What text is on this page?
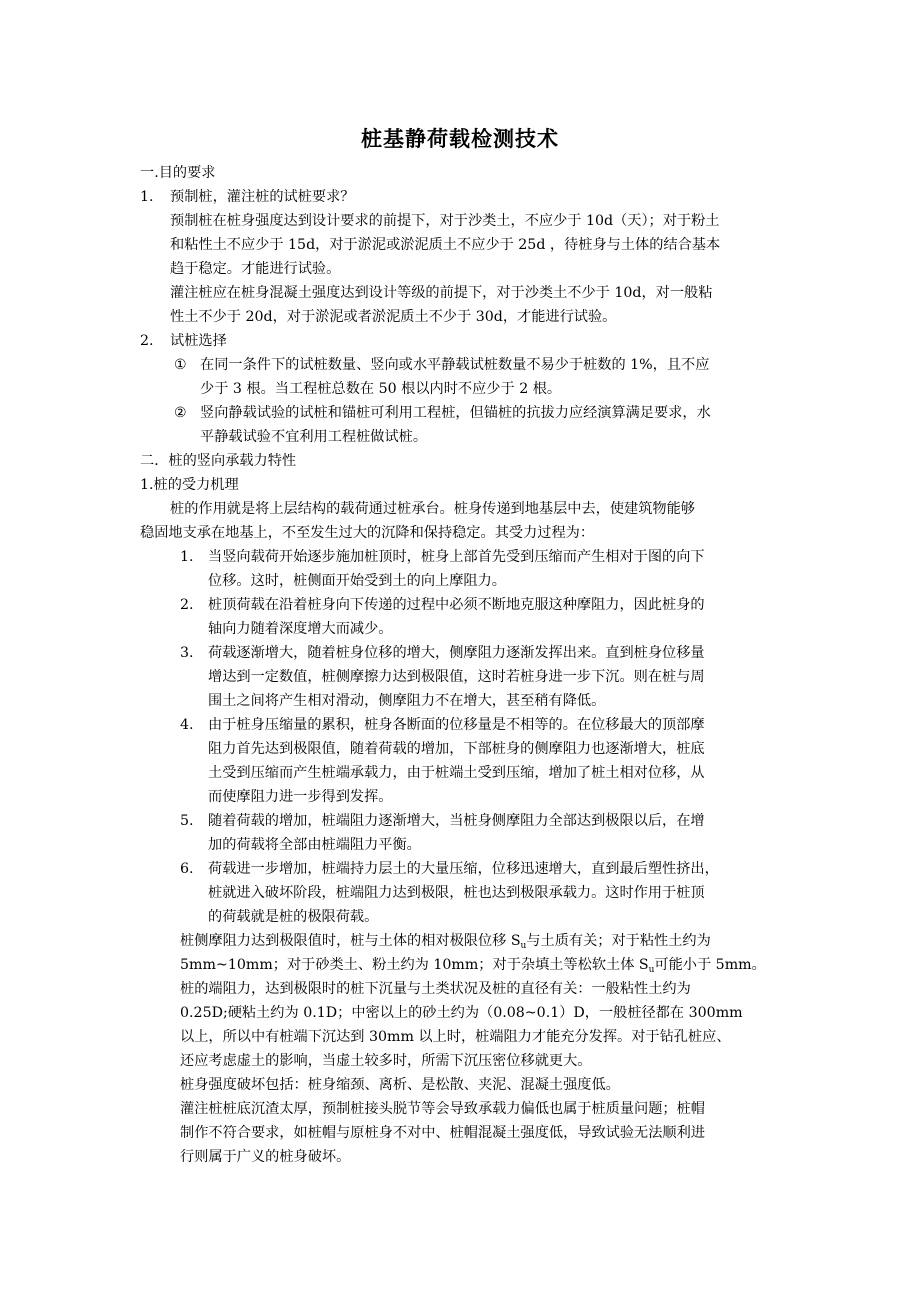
桩基静荷载检测技术
一.目的要求
1. 预制桩，灌注桩的试桩要求？
预制桩在桩身强度达到设计要求的前提下，对于沙类土，不应少于 10d（天）；对于粉土
和粘性土不应少于 15d，对于淤泥或淤泥质土不应少于 25d ，待桩身与土体的结合基本
趋于稳定。才能进行试验。
灌注桩应在桩身混凝土强度达到设计等级的前提下，对于沙类土不少于 10d，对一般粘
性土不少于 20d，对于淤泥或者淤泥质土不少于 30d，才能进行试验。
2. 试桩选择
① 在同一条件下的试桩数量、竖向或水平静载试桩数量不易少于桩数的 1%，且不应
少于 3 根。当工程桩总数在 50 根以内时不应少于 2 根。
② 竖向静载试验的试桩和锚桩可利用工程桩，但锚桩的抗拔力应经演算满足要求，水
平静载试验不宜利用工程桩做试桩。
二．桩的竖向承载力特性
1.桩的受力机理
桩的作用就是将上层结构的载荷通过桩承台。桩身传递到地基层中去，使建筑物能够
稳固地支承在地基上，不至发生过大的沉降和保持稳定。其受力过程为：
1. 当竖向载荷开始逐步施加桩顶时，桩身上部首先受到压缩而产生相对于图的向下
位移。这时，桩侧面开始受到土的向上摩阻力。
2. 桩顶荷载在沿着桩身向下传递的过程中必须不断地克服这种摩阻力，因此桩身的
轴向力随着深度增大而减少。
3. 荷载逐渐增大，随着桩身位移的增大，侧摩阻力逐渐发挥出来。直到桩身位移量
增达到一定数值，桩侧摩擦力达到极限值，这时若桩身进一步下沉。则在桩与周
围土之间将产生相对滑动，侧摩阻力不在增大，甚至稍有降低。
4. 由于桩身压缩量的累积，桩身各断面的位移量是不相等的。在位移最大的顶部摩
阻力首先达到极限值，随着荷载的增加，下部桩身的侧摩阻力也逐渐增大，桩底
土受到压缩而产生桩端承载力，由于桩端土受到压缩，增加了桩土相对位移，从
而使摩阻力进一步得到发挥。
5. 随着荷载的增加，桩端阻力逐渐增大，当桩身侧摩阻力全部达到极限以后，在增
加的荷载将全部由桩端阻力平衡。
6. 荷载进一步增加，桩端持力层土的大量压缩，位移迅速增大，直到最后塑性挤出，
桩就进入破坏阶段，桩端阻力达到极限，桩也达到极限承载力。这时作用于桩顶
的荷载就是桩的极限荷载。
桩侧摩阻力达到极限值时，桩与土体的相对极限位移 $S_u$与土质有关；对于粘性土约为
5mm~10mm；对于砂类土、粉土约为 10mm；对于杂填土等松软土体 $S_u$可能小于 5mm。
桩的端阻力，达到极限时的桩下沉量与土类状况及桩的直径有关：一般粘性土约为
0.25D;硬粘土约为 0.1D；中密以上的砂土约为（0.08~0.1）D，一般桩径都在 300mm
以上，所以中有桩端下沉达到 30mm 以上时，桩端阻力才能充分发挥。对于钻孔桩应、
还应考虑虚土的影响，当虚土较多时，所需下沉压密位移就更大。
桩身强度破坏包括：桩身缩颈、离析、是松散、夹泥、混凝土强度低。
灌注桩桩底沉渣太厚，预制桩接头脱节等会导致承载力偏低也属于桩质量问题；桩帽
制作不符合要求，如桩帽与原桩身不对中、桩帽混凝土强度低，导致试验无法顺利进
行则属于广义的桩身破坏。
